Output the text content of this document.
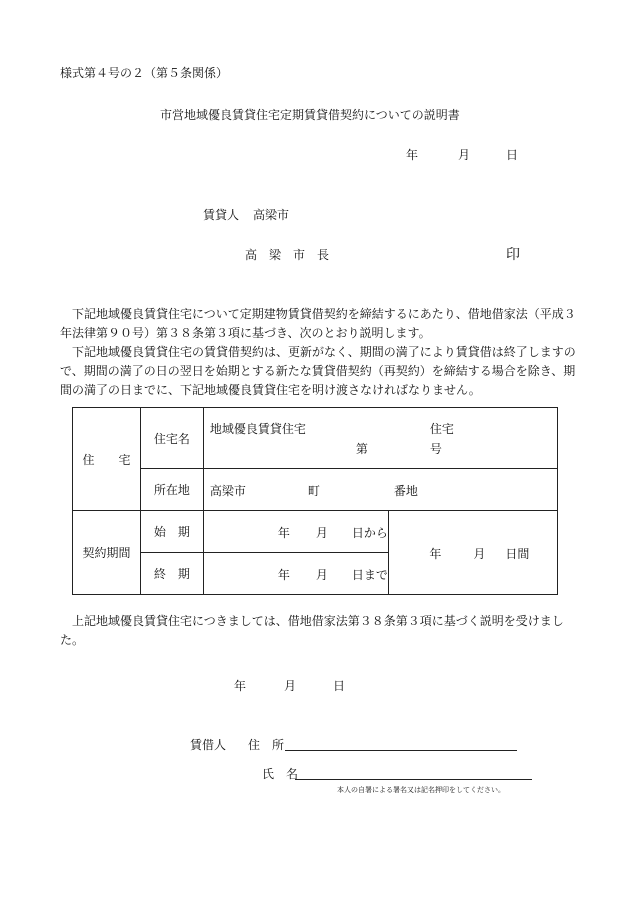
様式第４号の２（第５条関係）
市営地域優良賃貸住宅定期賃貸借契約についての説明書
年	月	日
賃貸人 高梁市
高　梁　市　長	印

下記地域優良賃貸住宅について定期建物賃貸借契約を締結するにあたり、借地借家法（平成３年法律第９０号）第３８条第３項に基づき、次のとおり説明します。

下記地域優良賃貸住宅の賃貸借契約は、更新がなく、期間の満了により賃貸借は終了しますので、期間の満了の日の翌日を始期とする新たな賃貸借契約（再契約）を締結する場合を除き、期間の満了の日までに、下記地域優良賃貸住宅を明け渡さなければなりません。

住　　宅	住宅名	地域優良賃貸住宅 住宅
第 号	

	所在地	高梁市 町 番地	

契約期間	始　期	年 月 日から	年 月 日間

	終　期	年 月 日まで	

上記地域優良賃貸住宅につきましては、借地借家法第３８条第３項に基づく説明を受けました。

年	月	日
賃借人 住　所
氏　名
本人の自署による署名又は記名押印をしてください。
